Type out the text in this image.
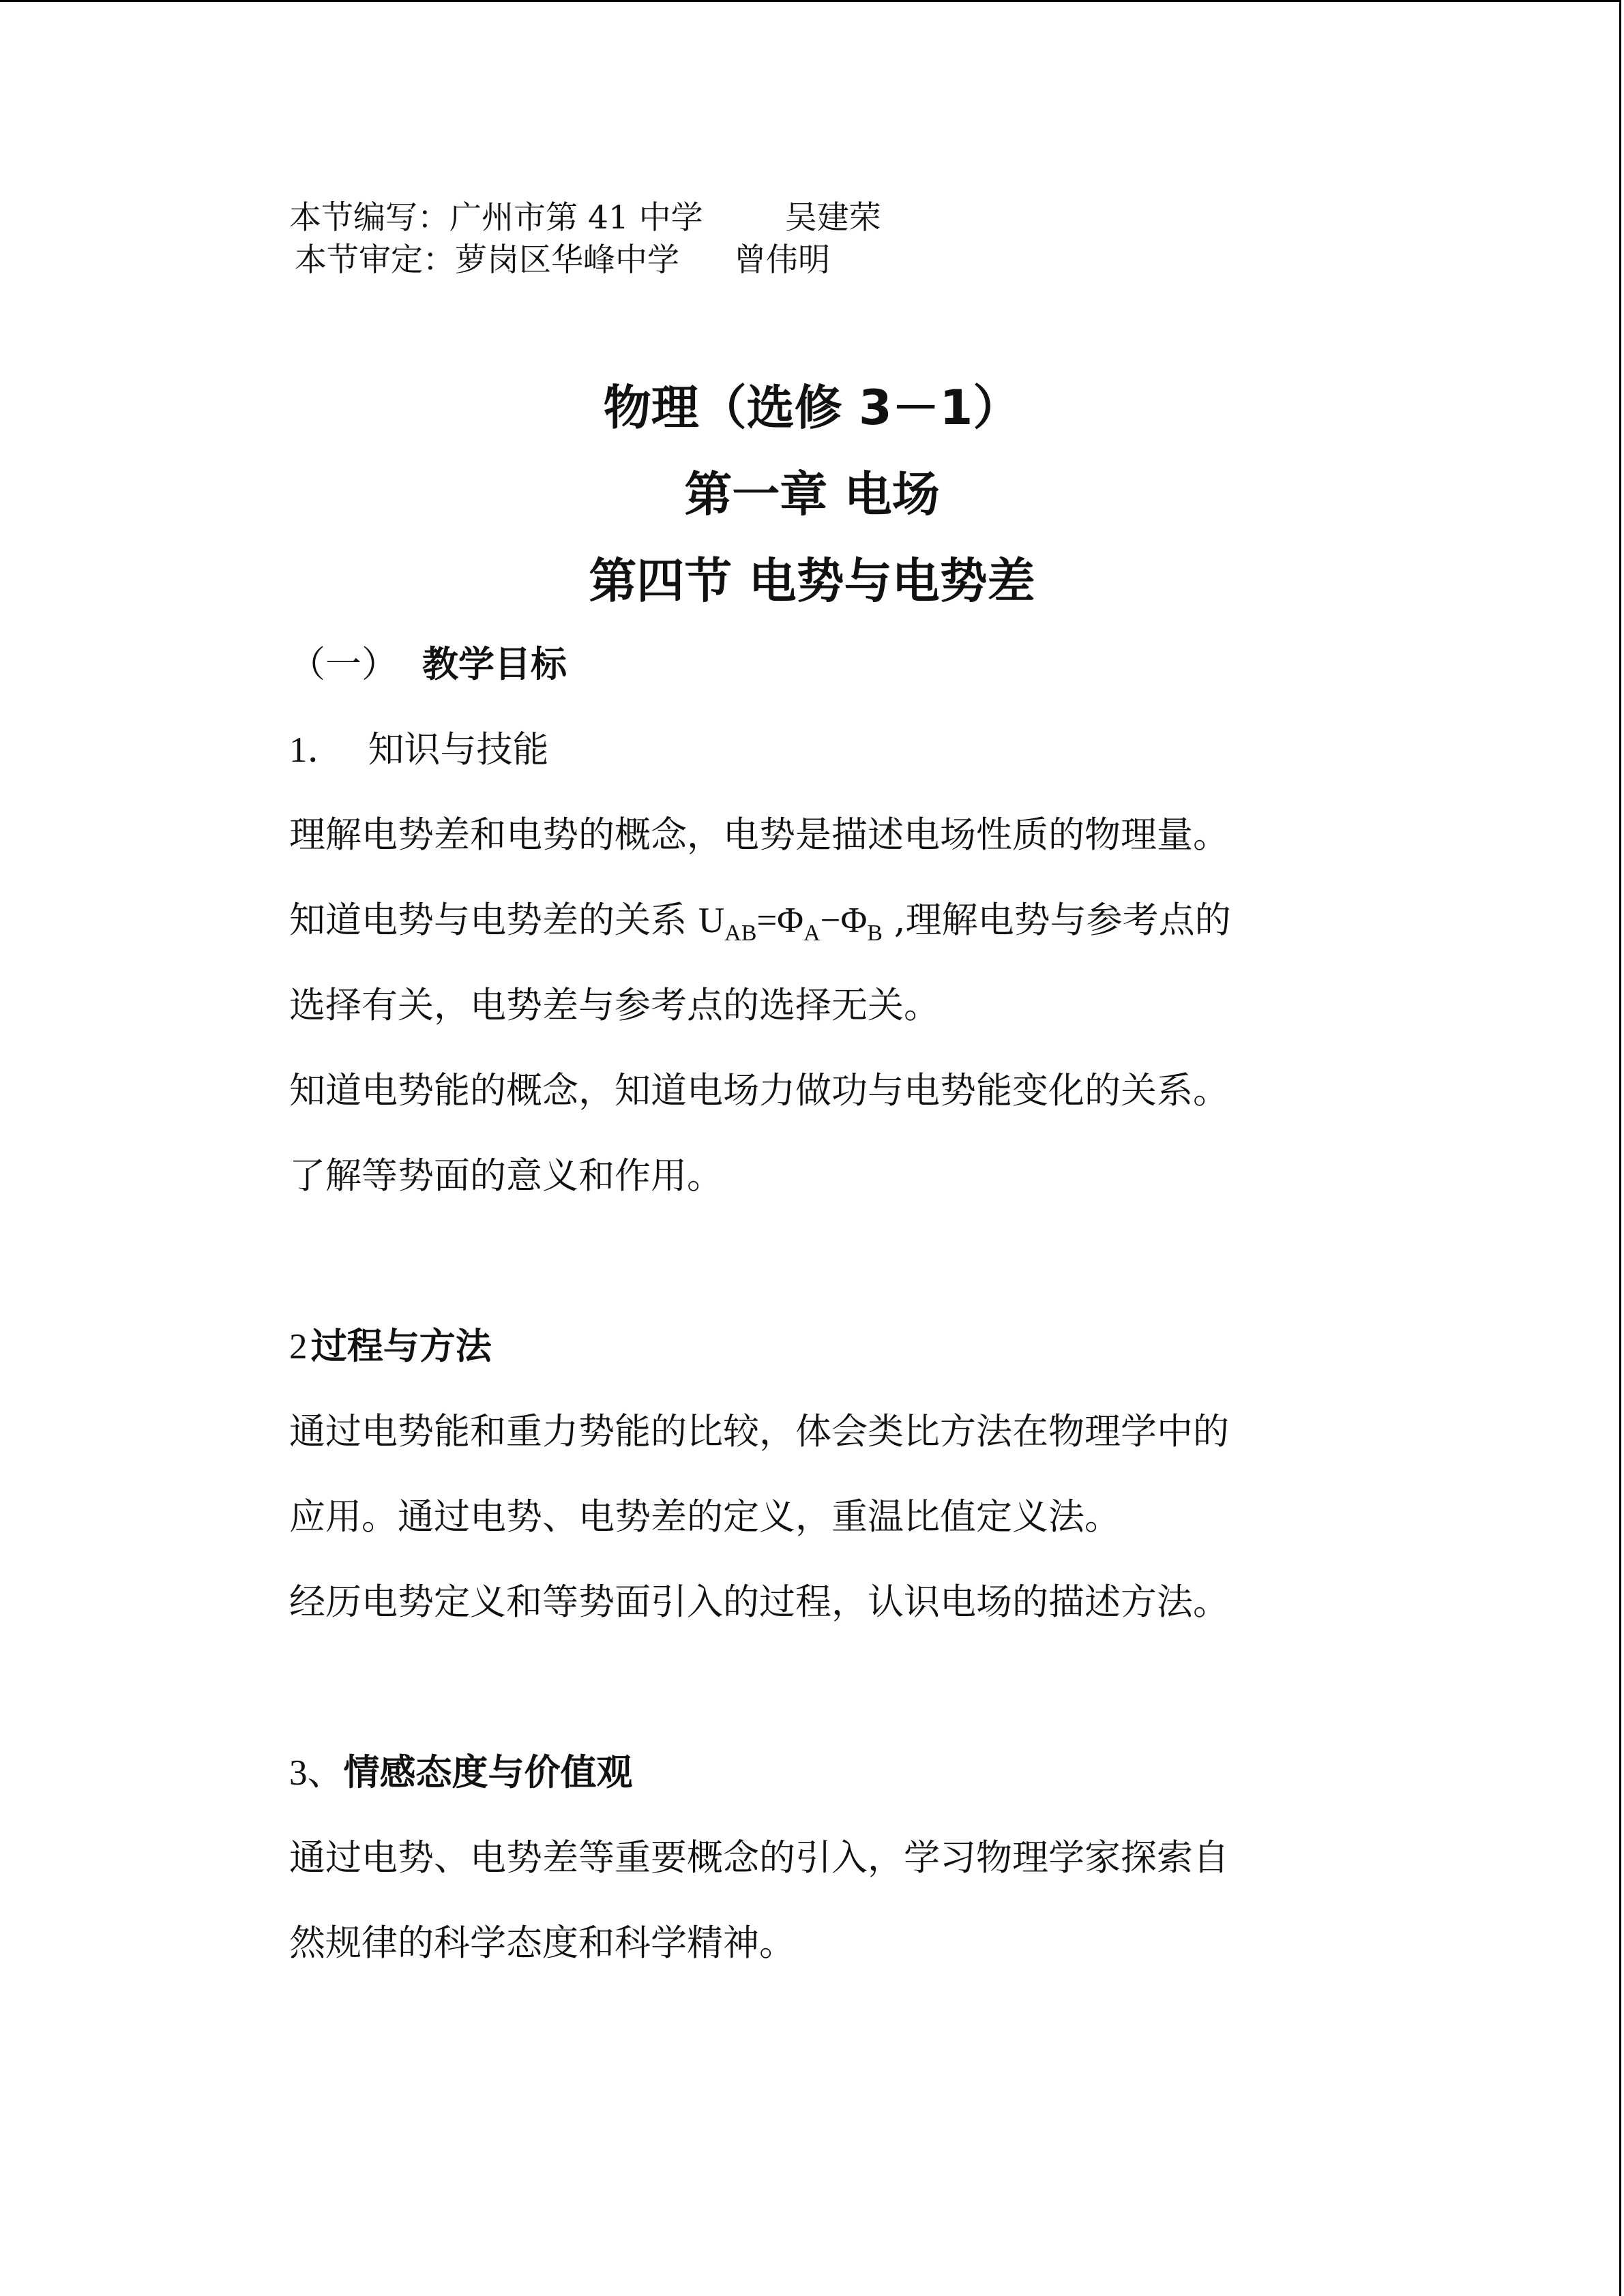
本节编写：广州市第 41 中学	吴建荣
本节审定：萝岗区华峰中学 曾伟明
物理（选修 3－1）
第一章 电场
第四节 电势与电势差
（一） 教学目标
1． 知识与技能
理解电势差和电势的概念，电势是描述电场性质的物理量。
知道电势与电势差的关系 $U_{AB}=\Phi_A-\Phi_B$ ,理解电势与参考点的
选择有关，电势差与参考点的选择无关。
知道电势能的概念，知道电场力做功与电势能变化的关系。
了解等势面的意义和作用。
2 过程与方法
通过电势能和重力势能的比较，体会类比方法在物理学中的
应用。通过电势、电势差的定义，重温比值定义法。
经历电势定义和等势面引入的过程，认识电场的描述方法。
3、情感态度与价值观
通过电势、电势差等重要概念的引入，学习物理学家探索自
然规律的科学态度和科学精神。
